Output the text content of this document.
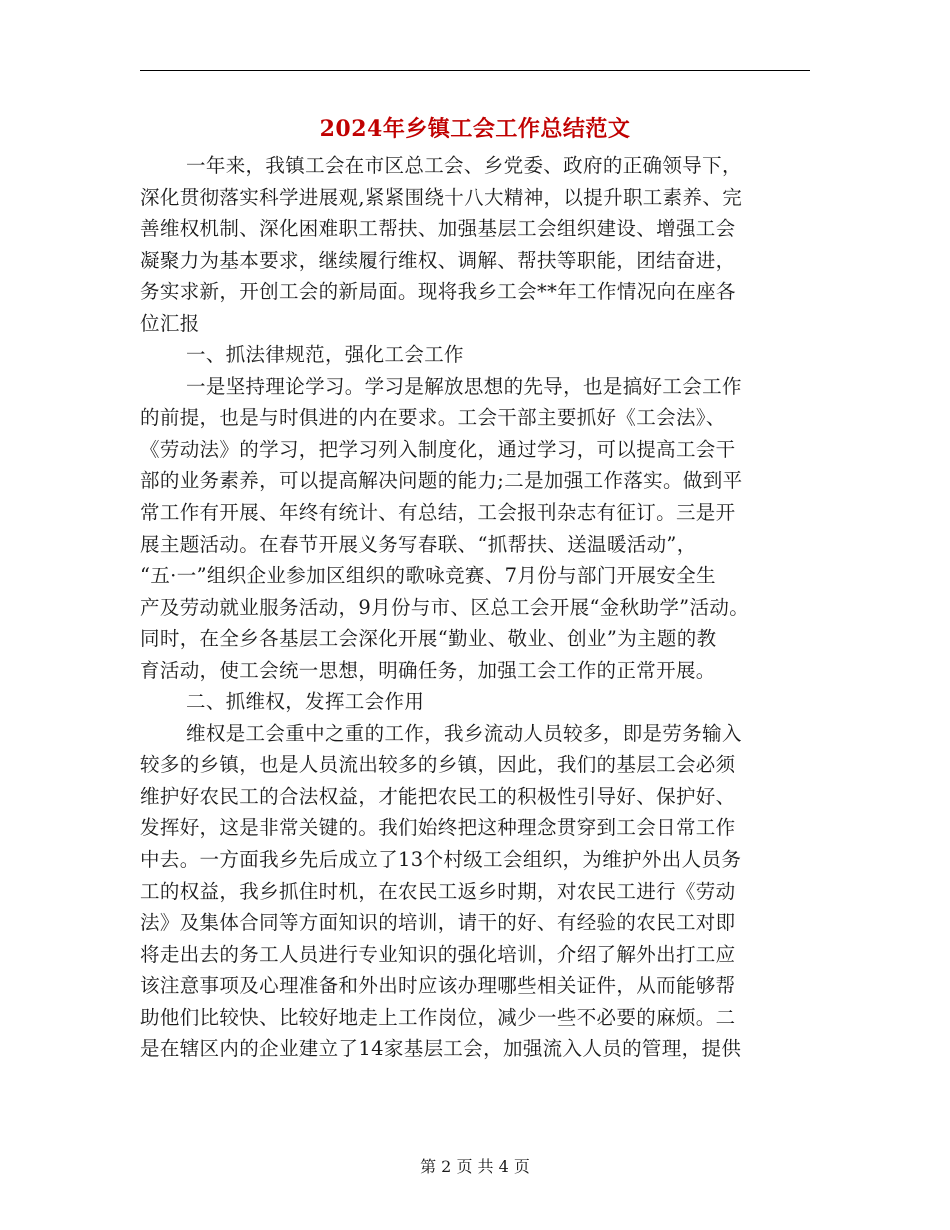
2024年乡镇工会工作总结范文
一年来，我镇工会在市区总工会、乡党委、政府的正确领导下，
深化贯彻落实科学进展观,紧紧围绕十八大精神，以提升职工素养、完
善维权机制、深化困难职工帮扶、加强基层工会组织建设、增强工会
凝聚力为基本要求，继续履行维权、调解、帮扶等职能，团结奋进，
务实求新，开创工会的新局面。现将我乡工会**年工作情况向在座各
位汇报
一、抓法律规范，强化工会工作
一是坚持理论学习。学习是解放思想的先导，也是搞好工会工作
的前提，也是与时俱进的内在要求。工会干部主要抓好《工会法》、
《劳动法》的学习，把学习列入制度化，通过学习，可以提高工会干
部的业务素养，可以提高解决问题的能力;二是加强工作落实。做到平
常工作有开展、年终有统计、有总结，工会报刊杂志有征订。三是开
展主题活动。在春节开展义务写春联、“抓帮扶、送温暖活动”，
“五·一”组织企业参加区组织的歌咏竞赛、7月份与部门开展安全生
产及劳动就业服务活动，9月份与市、区总工会开展“金秋助学”活动。
同时，在全乡各基层工会深化开展“勤业、敬业、创业”为主题的教
育活动，使工会统一思想，明确任务，加强工会工作的正常开展。
二、抓维权，发挥工会作用
维权是工会重中之重的工作，我乡流动人员较多，即是劳务输入
较多的乡镇，也是人员流出较多的乡镇，因此，我们的基层工会必须
维护好农民工的合法权益，才能把农民工的积极性引导好、保护好、
发挥好，这是非常关键的。我们始终把这种理念贯穿到工会日常工作
中去。一方面我乡先后成立了13个村级工会组织，为维护外出人员务
工的权益，我乡抓住时机，在农民工返乡时期，对农民工进行《劳动
法》及集体合同等方面知识的培训，请干的好、有经验的农民工对即
将走出去的务工人员进行专业知识的强化培训，介绍了解外出打工应
该注意事项及心理准备和外出时应该办理哪些相关证件，从而能够帮
助他们比较快、比较好地走上工作岗位，减少一些不必要的麻烦。二
是在辖区内的企业建立了14家基层工会，加强流入人员的管理，提供
第 2 页 共 4 页
